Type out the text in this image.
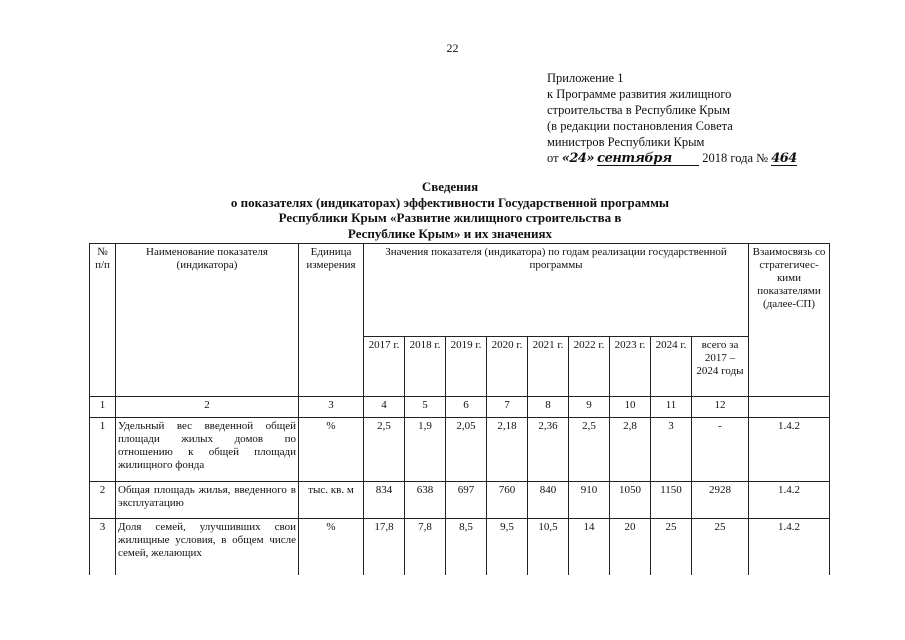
22
Приложение 1
к Программе развития жилищного
строительства в Республике Крым
(в редакции постановления Совета
министров Республики Крым
от «24» сентября 2018 года № 464
Сведения
о показателях (индикаторах) эффективности Государственной программы
Республики Крым «Развитие жилищного строительства в
Республике Крым» и их значениях
№ п/п	Наименование показателя (индикатора)	Единица измерения	Значения показателя (индикатора) по годам реализации государственной программы									Взаимосвязь со стратегичес-кими показателями (далее-СП)
			2017 г.	2018 г.	2019 г.	2020 г.	2021 г.	2022 г.	2023 г.	2024 г.	всего за 2017 – 2024 годы	
1	2	3	4	5	6	7	8	9	10	11	12	
1	Удельный вес введенной общей площади жилых домов по отношению к общей площади жилищного фонда	%	2,5	1,9	2,05	2,18	2,36	2,5	2,8	3	-	1.4.2
2	Общая площадь жилья, введенного в эксплуатацию	тыс. кв. м	834	638	697	760	840	910	1050	1150	2928	1.4.2
3	Доля семей, улучшивших свои жилищные условия, в общем числе семей, желающих	%	17,8	7,8	8,5	9,5	10,5	14	20	25	25	1.4.2
